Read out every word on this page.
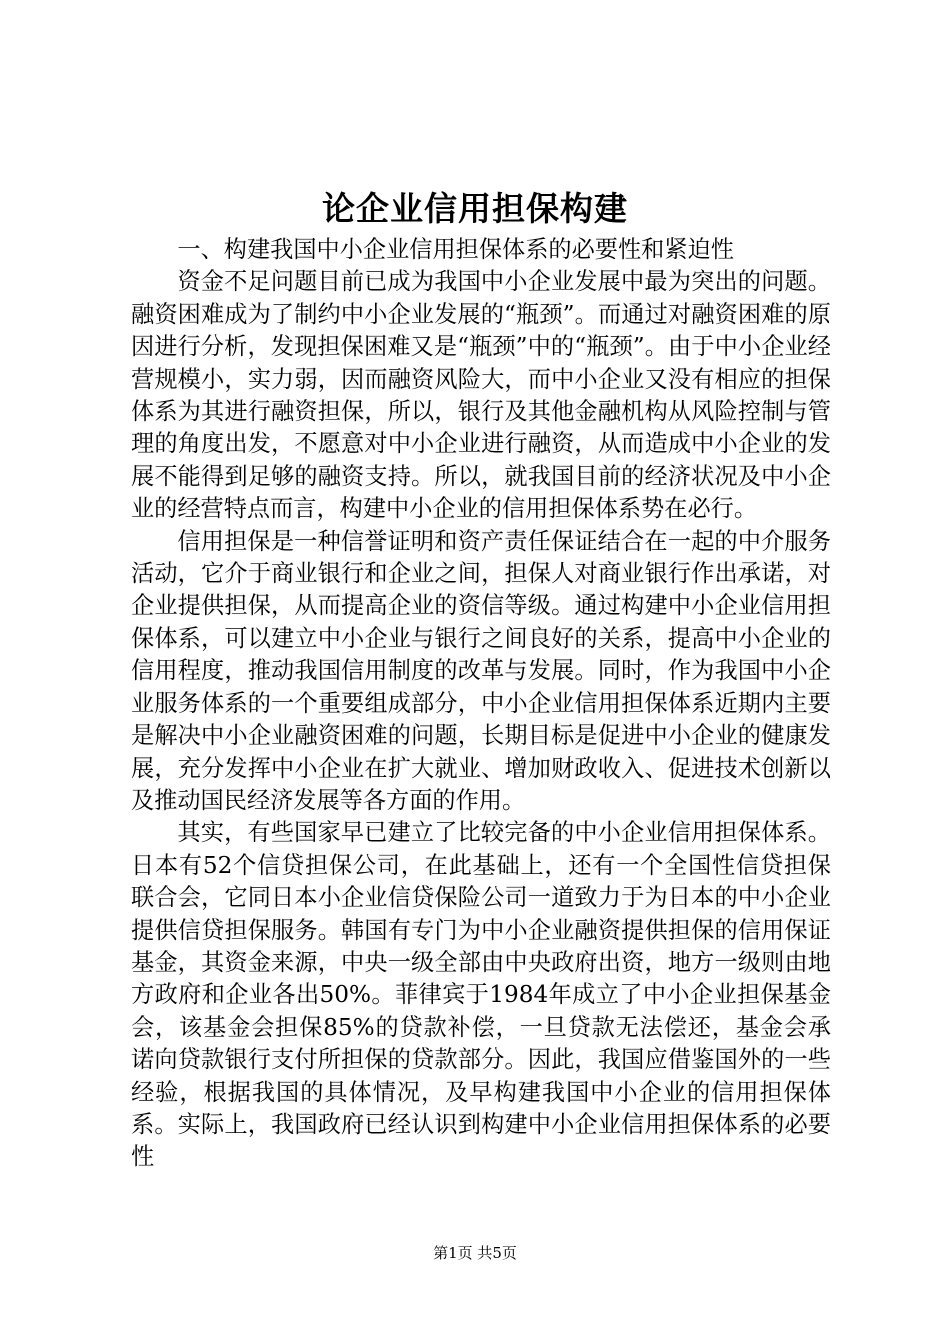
论企业信用担保构建

一、构建我国中小企业信用担保体系的必要性和紧迫性

资金不足问题目前已成为我国中小企业发展中最为突出的问题。融资困难成为了制约中小企业发展的“瓶颈”。而通过对融资困难的原因进行分析，发现担保困难又是“瓶颈”中的“瓶颈”。由于中小企业经营规模小，实力弱，因而融资风险大，而中小企业又没有相应的担保体系为其进行融资担保，所以，银行及其他金融机构从风险控制与管理的角度出发，不愿意对中小企业进行融资，从而造成中小企业的发展不能得到足够的融资支持。所以，就我国目前的经济状况及中小企业的经营特点而言，构建中小企业的信用担保体系势在必行。

信用担保是一种信誉证明和资产责任保证结合在一起的中介服务活动，它介于商业银行和企业之间，担保人对商业银行作出承诺，对企业提供担保，从而提高企业的资信等级。通过构建中小企业信用担保体系，可以建立中小企业与银行之间良好的关系，提高中小企业的信用程度，推动我国信用制度的改革与发展。同时，作为我国中小企业服务体系的一个重要组成部分，中小企业信用担保体系近期内主要是解决中小企业融资困难的问题，长期目标是促进中小企业的健康发展，充分发挥中小企业在扩大就业、增加财政收入、促进技术创新以及推动国民经济发展等各方面的作用。

其实，有些国家早已建立了比较完备的中小企业信用担保体系。日本有52个信贷担保公司，在此基础上，还有一个全国性信贷担保联合会，它同日本小企业信贷保险公司一道致力于为日本的中小企业提供信贷担保服务。韩国有专门为中小企业融资提供担保的信用保证基金，其资金来源，中央一级全部由中央政府出资，地方一级则由地方政府和企业各出50%。菲律宾于1984年成立了中小企业担保基金会，该基金会担保85%的贷款补偿，一旦贷款无法偿还，基金会承诺向贷款银行支付所担保的贷款部分。因此，我国应借鉴国外的一些经验，根据我国的具体情况，及早构建我国中小企业的信用担保体系。实际上，我国政府已经认识到构建中小企业信用担保体系的必要性

第1页 共5页
